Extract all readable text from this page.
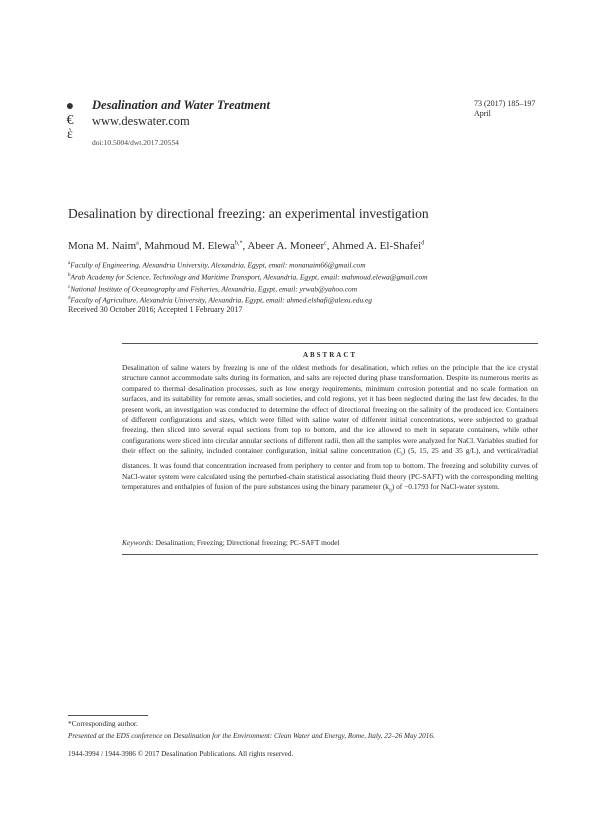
●
€
ὲ
Desalination and Water Treatment
www.deswater.com
doi:10.5004/dwt.2017.20554
73 (2017) 185–197
April
Desalination by directional freezing: an experimental investigation
Mona M. Naim$^a$, Mahmoud M. Elewa$^{b,*}$, Abeer A. Moneer$^c$, Ahmed A. El-Shafei$^d$
$^a$Faculty of Engineering, Alexandria University, Alexandria, Egypt, email: monanaim66@gmail.com
$^b$Arab Academy for Science, Technology and Maritime Transport, Alexandria, Egypt, email: mahmoud.elewa@gmail.com
$^c$National Institute of Oceanography and Fisheries, Alexandria, Egypt, email: yrwab@yahoo.com
$^d$Faculty of Agriculture, Alexandria University, Alexandria, Egypt, email: ahmed.elshafi@alexu.edu.eg
Received 30 October 2016; Accepted 1 February 2017
ABSTRACT

Desalination of saline waters by freezing is one of the oldest methods for desalination, which relies on the principle that the ice crystal structure cannot accommodate salts during its formation, and salts are rejected during phase transformation. Despite its numerous merits as compared to thermal desalination processes, such as low energy requirements, minimum corrosion potential and no scale formation on surfaces, and its suitability for remote areas, small societies, and cold regions, yet it has been neglected during the last few decades. In the present work, an investigation was conducted to determine the effect of directional freezing on the salinity of the produced ice. Containers of different configurations and sizes, which were filled with saline water of different initial concentrations, were subjected to gradual freezing, then sliced into several equal sections from top to bottom, and the ice allowed to melt in separate containers, while other configurations were sliced into circular annular sections of different radii, then all the samples were analyzed for NaCl. Variables studied for their effect on the salinity, included container configuration, initial saline concentration $(C_i)$ (5, 15, 25 and 35 g/L), and vertical/radial distances. It was found that concentration increased from periphery to center and from top to bottom. The freezing and solubility curves of NaCl-water system were calculated using the perturbed-chain statistical associating fluid theory (PC-SAFT) with the corresponding melting temperatures and enthalpies of fusion of the pure substances using the binary parameter $(k_{ij})$ of −0.1793 for NaCl-water system.

Keywords: Desalination; Freezing; Directional freezing; PC-SAFT model
*Corresponding author.
Presented at the EDS conference on Desalination for the Environment: Clean Water and Energy, Rome, Italy, 22–26 May 2016.
1944-3994 / 1944-3986 © 2017 Desalination Publications. All rights reserved.
